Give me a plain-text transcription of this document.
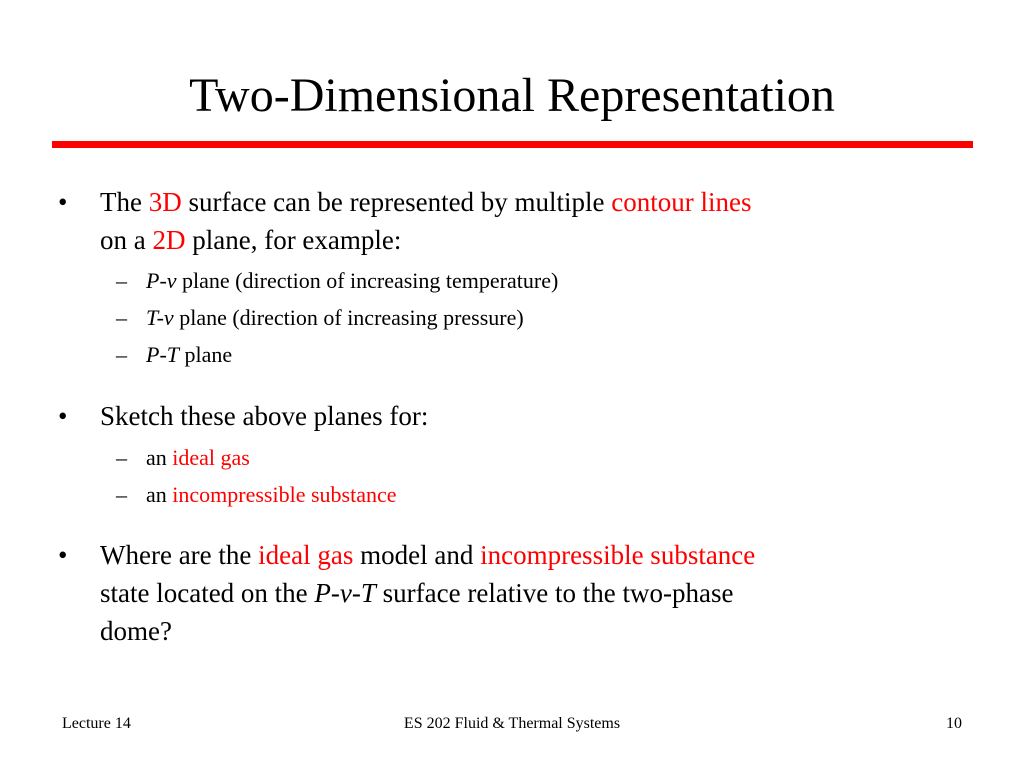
Two-Dimensional Representation
• The 3D surface can be represented by multiple contour lines
on a 2D plane, for example:
– P-v plane (direction of increasing temperature)
– T-v plane (direction of increasing pressure)
– P-T plane
• Sketch these above planes for:
– an ideal gas
– an incompressible substance
• Where are the ideal gas model and incompressible substance
state located on the P-v-T surface relative to the two-phase
dome?
Lecture 14	ES 202 Fluid & Thermal Systems	10
